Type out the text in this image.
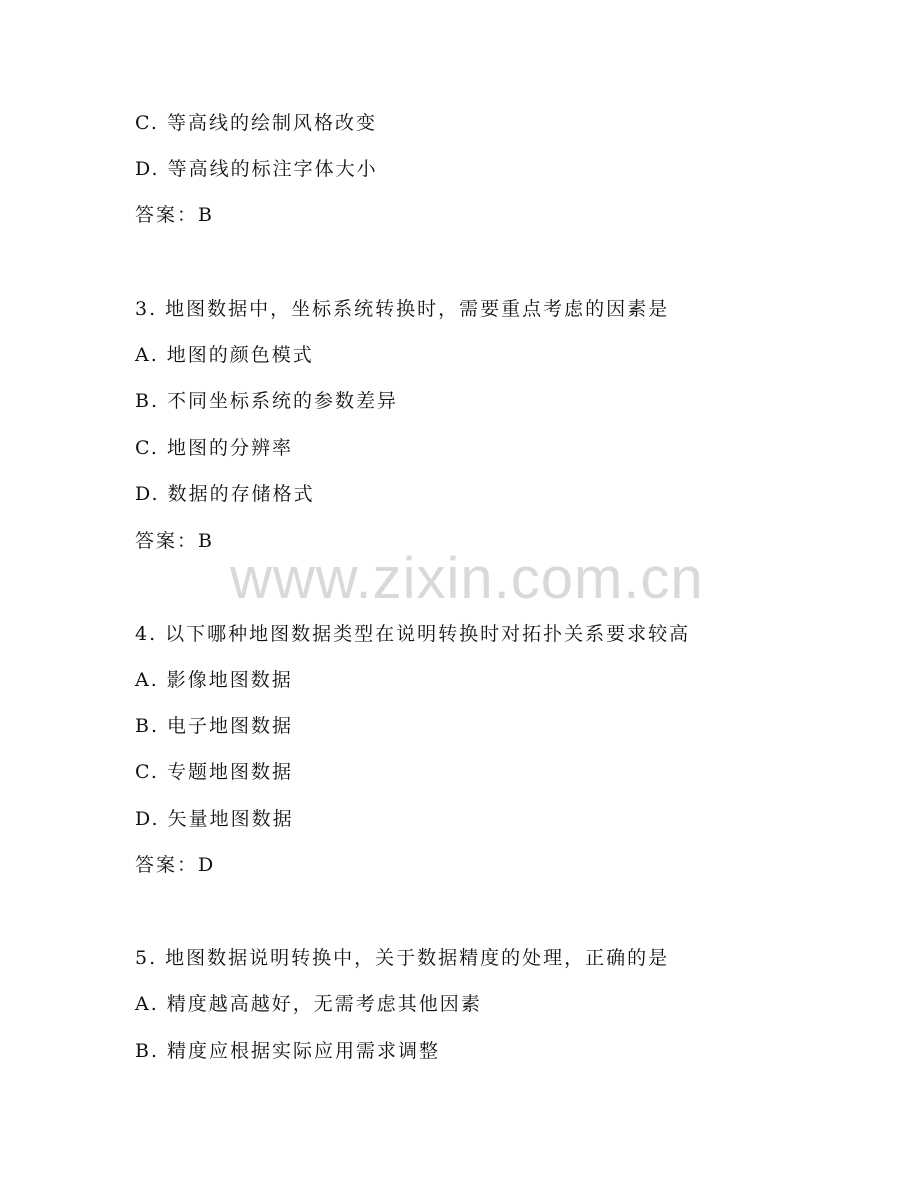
www.zixin.com.cn
C. 等高线的绘制风格改变
D. 等高线的标注字体大小
答案：B
3. 地图数据中，坐标系统转换时，需要重点考虑的因素是
A. 地图的颜色模式
B. 不同坐标系统的参数差异
C. 地图的分辨率
D. 数据的存储格式
答案：B
4. 以下哪种地图数据类型在说明转换时对拓扑关系要求较高
A. 影像地图数据
B. 电子地图数据
C. 专题地图数据
D. 矢量地图数据
答案：D
5. 地图数据说明转换中，关于数据精度的处理，正确的是
A. 精度越高越好，无需考虑其他因素
B. 精度应根据实际应用需求调整
